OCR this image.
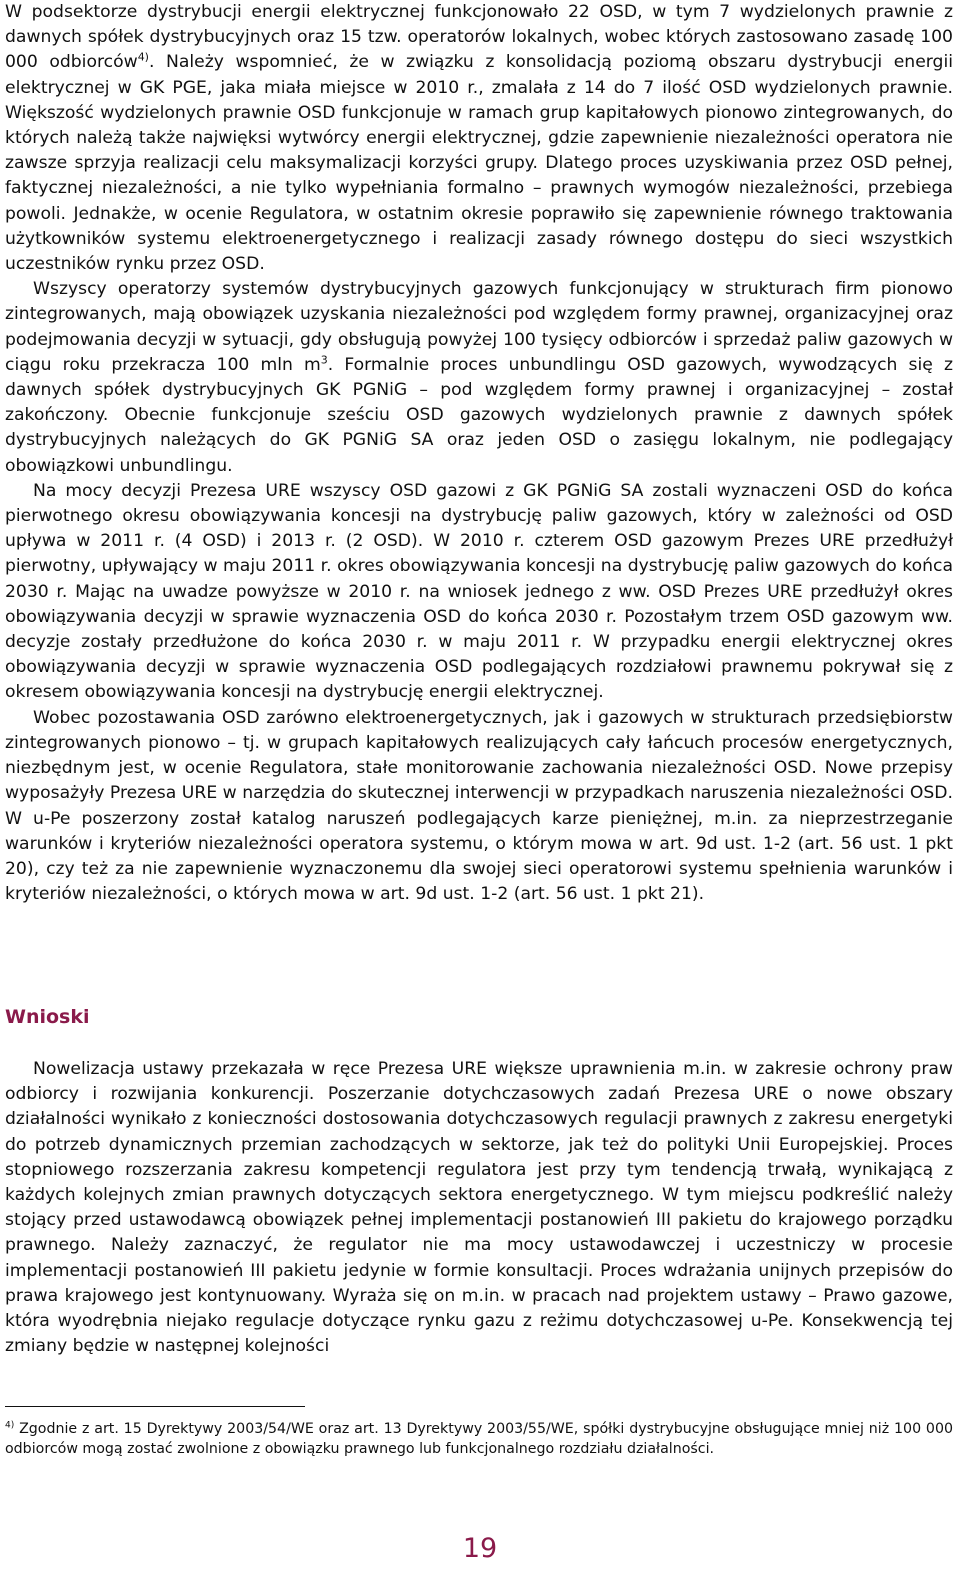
W podsektorze dystrybucji energii elektrycznej funkcjonowało 22 OSD, w tym 7 wydzielonych prawnie z dawnych spółek dystrybucyjnych oraz 15 tzw. operatorów lokalnych, wobec których zastosowano zasadę 100 000 odbiorców$^{4)}$. Należy wspomnieć, że w związku z konsolidacją poziomą obszaru dystrybucji energii elektrycznej w GK PGE, jaka miała miejsce w 2010 r., zmalała z 14 do 7 ilość OSD wydzielonych prawnie. Większość wydzielonych prawnie OSD funkcjonuje w ramach grup kapitałowych pionowo zintegrowanych, do których należą także najwięksi wytwórcy energii elektrycznej, gdzie zapewnienie niezależności operatora nie zawsze sprzyja realizacji celu maksymalizacji korzyści grupy. Dlatego proces uzyskiwania przez OSD pełnej, faktycznej niezależności, a nie tylko wypełniania formalno – prawnych wymogów niezależności, przebiega powoli. Jednakże, w ocenie Regulatora, w ostatnim okresie poprawiło się zapewnienie równego traktowania użytkowników systemu elektroenergetycznego i realizacji zasady równego dostępu do sieci wszystkich uczestników rynku przez OSD.

Wszyscy operatorzy systemów dystrybucyjnych gazowych funkcjonujący w strukturach firm pionowo zintegrowanych, mają obowiązek uzyskania niezależności pod względem formy prawnej, organizacyjnej oraz podejmowania decyzji w sytuacji, gdy obsługują powyżej 100 tysięcy odbiorców i sprzedaż paliw gazowych w ciągu roku przekracza 100 mln $m^3$. Formalnie proces unbundlingu OSD gazowych, wywodzących się z dawnych spółek dystrybucyjnych GK PGNiG – pod względem formy prawnej i organizacyjnej – został zakończony. Obecnie funkcjonuje sześciu OSD gazowych wydzielonych prawnie z dawnych spółek dystrybucyjnych należących do GK PGNiG SA oraz jeden OSD o zasięgu lokalnym, nie podlegający obowiązkowi unbundlingu.

Na mocy decyzji Prezesa URE wszyscy OSD gazowi z GK PGNiG SA zostali wyznaczeni OSD do końca pierwotnego okresu obowiązywania koncesji na dystrybucję paliw gazowych, który w zależności od OSD upływa w 2011 r. (4 OSD) i 2013 r. (2 OSD). W 2010 r. czterem OSD gazowym Prezes URE przedłużył pierwotny, upływający w maju 2011 r. okres obowiązywania koncesji na dystrybucję paliw gazowych do końca 2030 r. Mając na uwadze powyższe w 2010 r. na wniosek jednego z ww. OSD Prezes URE przedłużył okres obowiązywania decyzji w sprawie wyznaczenia OSD do końca 2030 r. Pozostałym trzem OSD gazowym ww. decyzje zostały przedłużone do końca 2030 r. w maju 2011 r. W przypadku energii elektrycznej okres obowiązywania decyzji w sprawie wyznaczenia OSD podlegających rozdziałowi prawnemu pokrywał się z okresem obowiązywania koncesji na dystrybucję energii elektrycznej.

Wobec pozostawania OSD zarówno elektroenergetycznych, jak i gazowych w strukturach przedsiębiorstw zintegrowanych pionowo – tj. w grupach kapitałowych realizujących cały łańcuch procesów energetycznych, niezbędnym jest, w ocenie Regulatora, stałe monitorowanie zachowania niezależności OSD. Nowe przepisy wyposażyły Prezesa URE w narzędzia do skutecznej interwencji w przypadkach naruszenia niezależności OSD. W u-Pe poszerzony został katalog naruszeń podlegających karze pieniężnej, m.in. za nieprzestrzeganie warunków i kryteriów niezależności operatora systemu, o którym mowa w art. 9d ust. 1-2 (art. 56 ust. 1 pkt 20), czy też za nie zapewnienie wyznaczonemu dla swojej sieci operatorowi systemu spełnienia warunków i kryteriów niezależności, o których mowa w art. 9d ust. 1-2 (art. 56 ust. 1 pkt 21).

Wnioski

Nowelizacja ustawy przekazała w ręce Prezesa URE większe uprawnienia m.in. w zakresie ochrony praw odbiorcy i rozwijania konkurencji. Poszerzanie dotychczasowych zadań Prezesa URE o nowe obszary działalności wynikało z konieczności dostosowania dotychczasowych regulacji prawnych z zakresu energetyki do potrzeb dynamicznych przemian zachodzących w sektorze, jak też do polityki Unii Europejskiej. Proces stopniowego rozszerzania zakresu kompetencji regulatora jest przy tym tendencją trwałą, wynikającą z każdych kolejnych zmian prawnych dotyczących sektora energetycznego. W tym miejscu podkreślić należy stojący przed ustawodawcą obowiązek pełnej implementacji postanowień III pakietu do krajowego porządku prawnego. Należy zaznaczyć, że regulator nie ma mocy ustawodawczej i uczestniczy w procesie implementacji postanowień III pakietu jedynie w formie konsultacji. Proces wdrażania unijnych przepisów do prawa krajowego jest kontynuowany. Wyraża się on m.in. w pracach nad projektem ustawy – Prawo gazowe, która wyodrębnia niejako regulacje dotyczące rynku gazu z reżimu dotychczasowej u-Pe. Konsekwencją tej zmiany będzie w następnej kolejności

$^{4)}$ Zgodnie z art. 15 Dyrektywy 2003/54/WE oraz art. 13 Dyrektywy 2003/55/WE, spółki dystrybucyjne obsługujące mniej niż 100 000 odbiorców mogą zostać zwolnione z obowiązku prawnego lub funkcjonalnego rozdziału działalności.

19
